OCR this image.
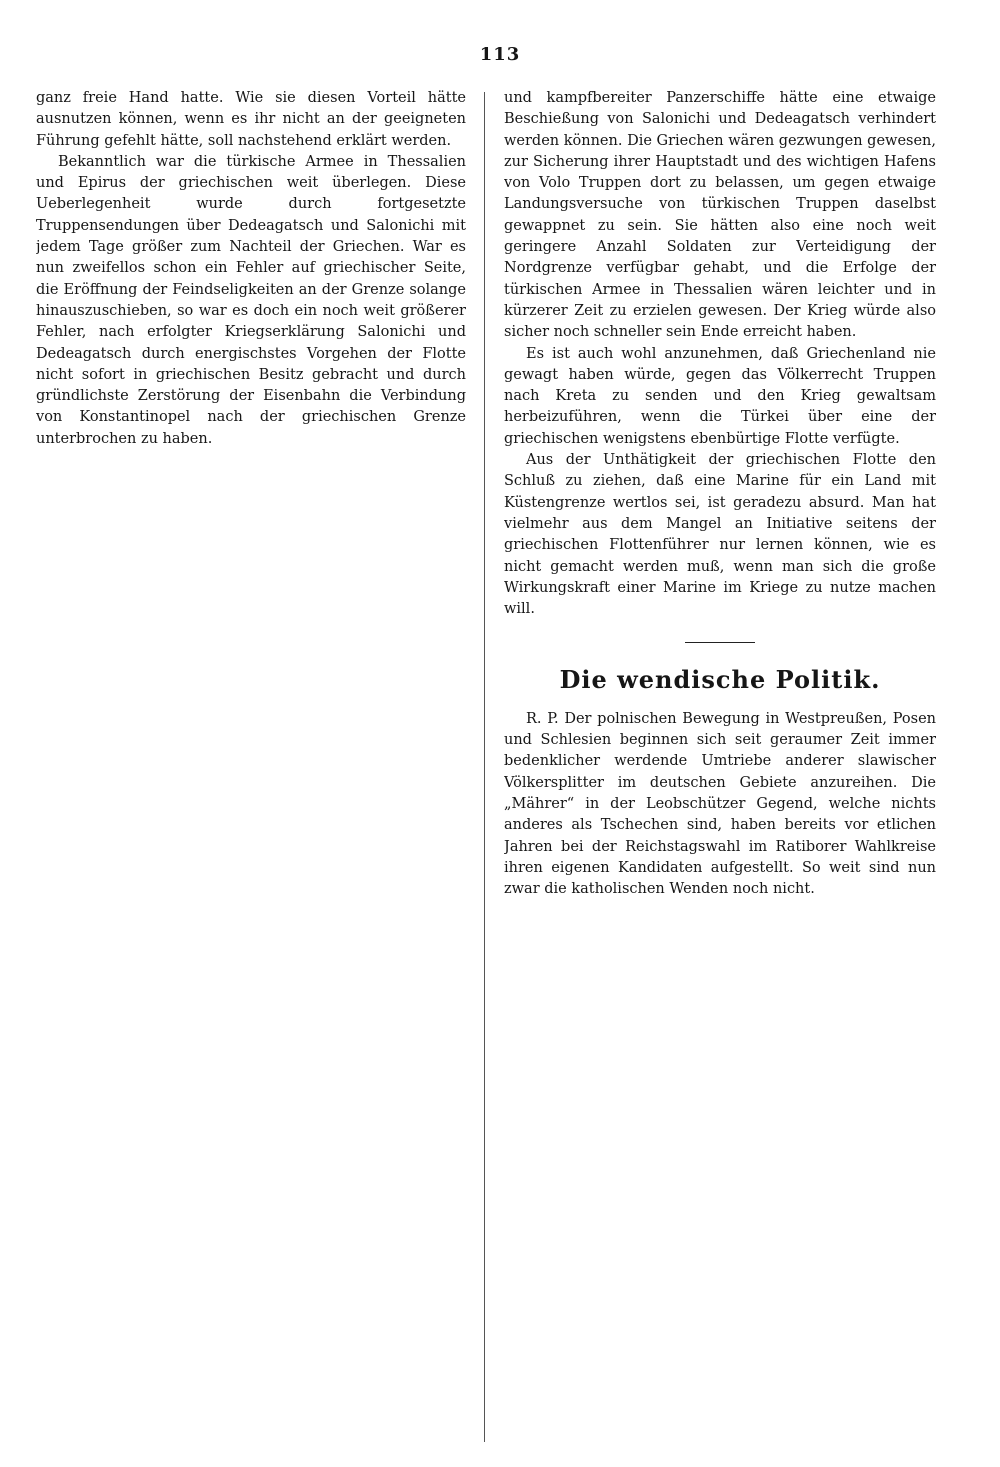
113

ganz freie Hand hatte. Wie sie diesen Vorteil hätte ausnutzen können, wenn es ihr nicht an der geeigneten Führung gefehlt hätte, soll nachstehend erklärt werden.

Bekanntlich war die türkische Armee in Thessalien und Epirus der griechischen weit überlegen. Diese Ueberlegenheit wurde durch fortgesetzte Truppensendungen über Dedeagatsch und Salonichi mit jedem Tage größer zum Nachteil der Griechen. War es nun zweifellos schon ein Fehler auf griechischer Seite, die Eröffnung der Feindseligkeiten an der Grenze solange hinauszuschieben, so war es doch ein noch weit größerer Fehler, nach erfolgter Kriegserklärung Salonichi und Dedeagatsch durch energischstes Vorgehen der Flotte nicht sofort in griechischen Besitz gebracht und durch gründlichste Zerstörung der Eisenbahn die Verbindung von Konstantinopel nach der griechischen Grenze unterbrochen zu haben.

und kampfbereiter Panzerschiffe hätte eine etwaige Beschießung von Salonichi und Dedeagatsch verhindert werden können. Die Griechen wären gezwungen gewesen, zur Sicherung ihrer Hauptstadt und des wichtigen Hafens von Volo Truppen dort zu belassen, um gegen etwaige Landungsversuche von türkischen Truppen daselbst gewappnet zu sein. Sie hätten also eine noch weit geringere Anzahl Soldaten zur Verteidigung der Nordgrenze verfügbar gehabt, und die Erfolge der türkischen Armee in Thessalien wären leichter und in kürzerer Zeit zu erzielen gewesen. Der Krieg würde also sicher noch schneller sein Ende erreicht haben.

Es ist auch wohl anzunehmen, daß Griechenland nie gewagt haben würde, gegen das Völkerrecht Truppen nach Kreta zu senden und den Krieg gewaltsam herbeizuführen, wenn die Türkei über eine der griechischen wenigstens ebenbürtige Flotte verfügte.

Aus der Unthätigkeit der griechischen Flotte den Schluß zu ziehen, daß eine Marine für ein Land mit Küstengrenze wertlos sei, ist geradezu absurd. Man hat vielmehr aus dem Mangel an Initiative seitens der griechischen Flottenführer nur lernen können, wie es nicht gemacht werden muß, wenn man sich die große Wirkungskraft einer Marine im Kriege zu nutze machen will.

Die wendische Politik.

R. P. Der polnischen Bewegung in Westpreußen, Posen und Schlesien beginnen sich seit geraumer Zeit immer bedenklicher werdende Umtriebe anderer slawischer Völkersplitter im deutschen Gebiete anzureihen. Die „Mährer“ in der Leobschützer Gegend, welche nichts anderes als Tschechen sind, haben bereits vor etlichen Jahren bei der Reichstagswahl im Ratiborer Wahlkreise ihren eigenen Kandidaten aufgestellt. So weit sind nun zwar die katholischen Wenden noch nicht.
